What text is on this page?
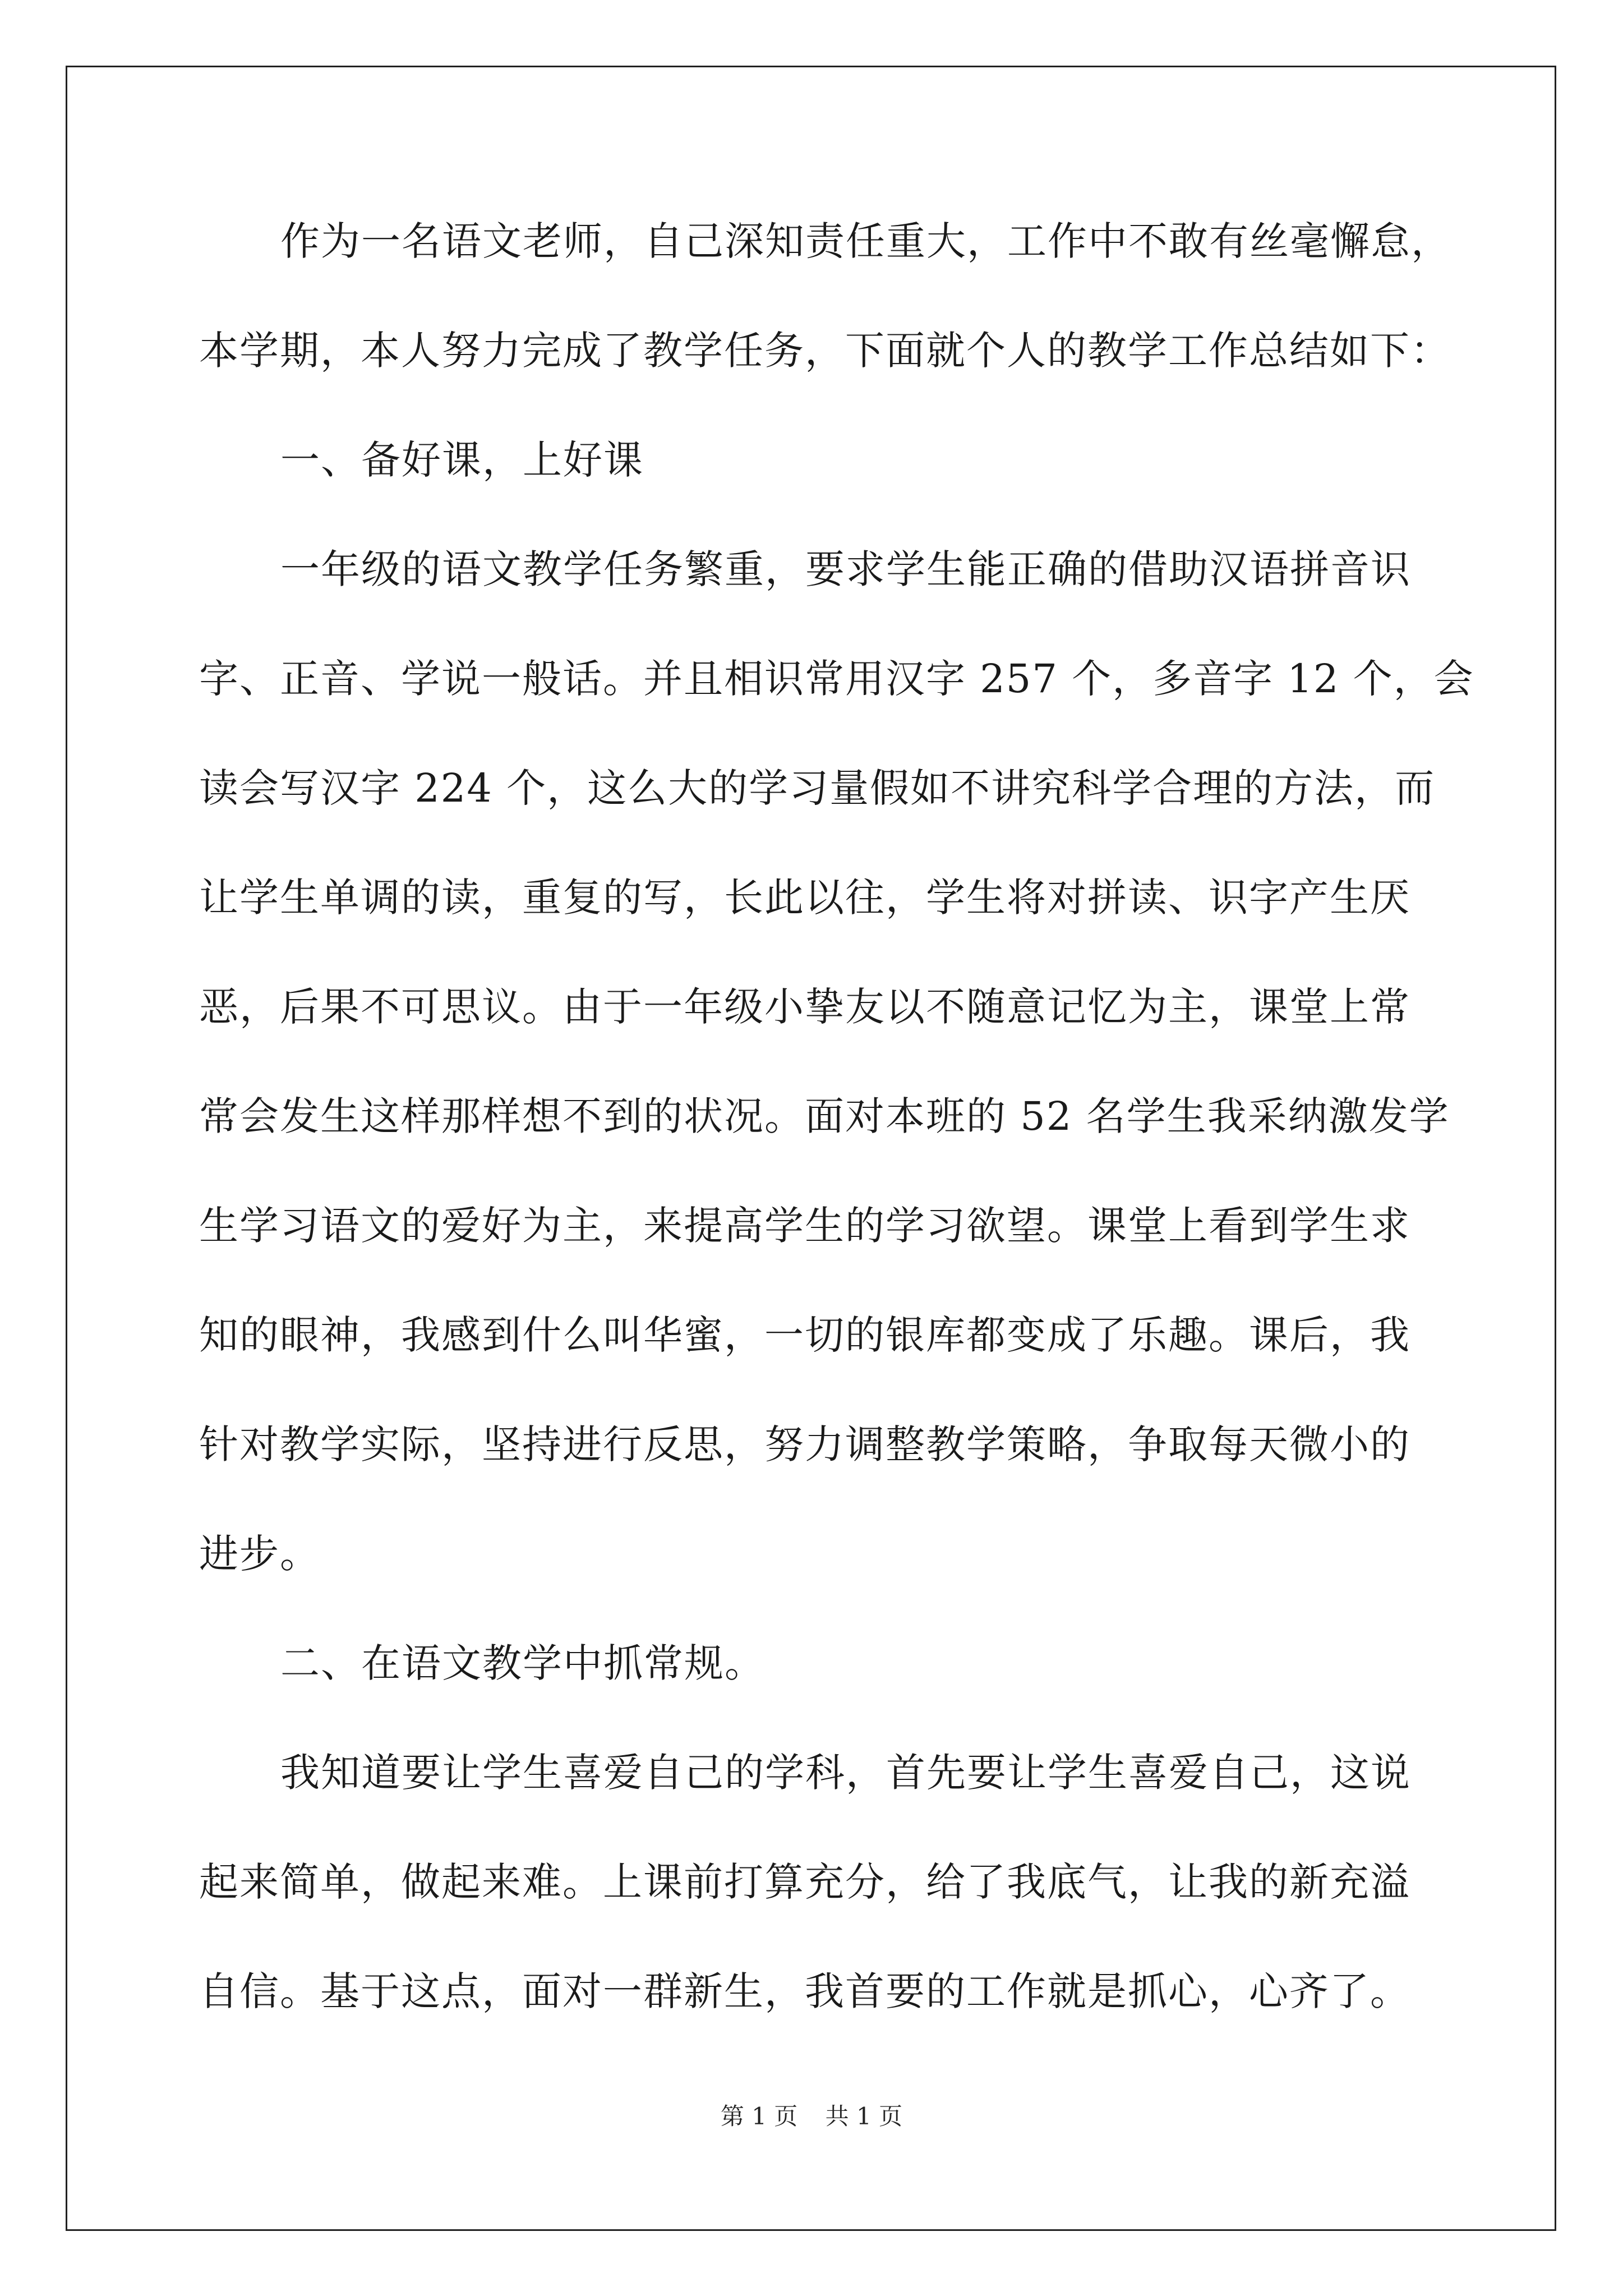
作为一名语文老师，自己深知责任重大，工作中不敢有丝毫懈怠，
本学期，本人努力完成了教学任务，下面就个人的教学工作总结如下：
一、备好课，上好课
一年级的语文教学任务繁重，要求学生能正确的借助汉语拼音识
字、正音、学说一般话。并且相识常用汉字 257 个，多音字 12 个，会
读会写汉字 224 个，这么大的学习量假如不讲究科学合理的方法，而
让学生单调的读，重复的写，长此以往，学生将对拼读、识字产生厌
恶，后果不可思议。由于一年级小挚友以不随意记忆为主，课堂上常
常会发生这样那样想不到的状况。面对本班的 52 名学生我采纳激发学
生学习语文的爱好为主，来提高学生的学习欲望。课堂上看到学生求
知的眼神，我感到什么叫华蜜，一切的银库都变成了乐趣。课后，我
针对教学实际，坚持进行反思，努力调整教学策略，争取每天微小的
进步。
二、在语文教学中抓常规。
我知道要让学生喜爱自己的学科，首先要让学生喜爱自己，这说
起来简单，做起来难。上课前打算充分，给了我底气，让我的新充溢
自信。基于这点，面对一群新生，我首要的工作就是抓心，心齐了。
第 1 页 共 1 页
